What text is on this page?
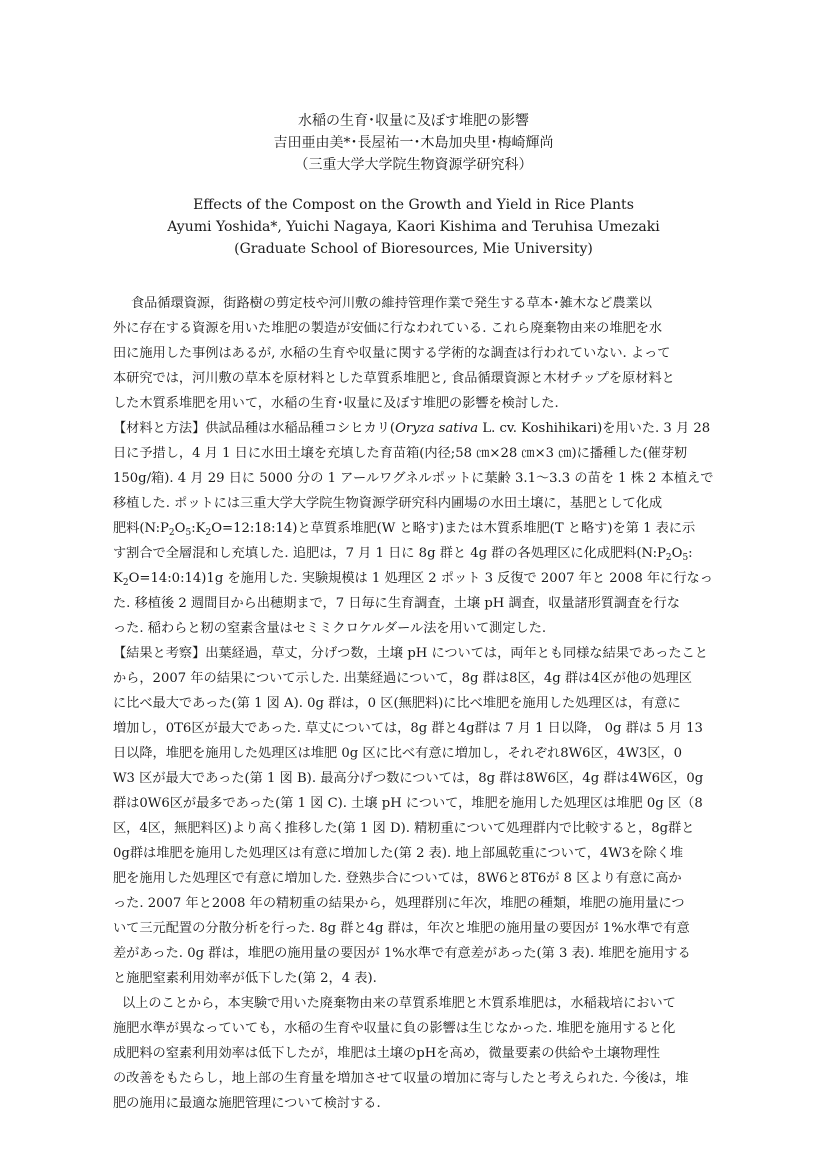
水稲の生育･収量に及ぼす堆肥の影響
吉田亜由美*･長屋祐一･木島加央里･梅崎輝尚
（三重大学大学院生物資源学研究科）
Effects of the Compost on the Growth and Yield in Rice Plants
Ayumi Yoshida*, Yuichi Nagaya, Kaori Kishima and Teruhisa Umezaki
(Graduate School of Bioresources, Mie University)
食品循環資源，街路樹の剪定枝や河川敷の維持管理作業で発生する草本･雑木など農業以
外に存在する資源を用いた堆肥の製造が安価に行なわれている. これら廃棄物由来の堆肥を水
田に施用した事例はあるが, 水稲の生育や収量に関する学術的な調査は行われていない. よって
本研究では，河川敷の草本を原材料とした草質系堆肥と, 食品循環資源と木材チップを原材料と
した木質系堆肥を用いて，水稲の生育･収量に及ぼす堆肥の影響を検討した.
【材料と方法】供試品種は水稲品種コシヒカリ(Oryza sativa L. cv. Koshihikari)を用いた. 3 月 28
日に予措し，4 月 1 日に水田土壌を充填した育苗箱(内径;58 ㎝×28 ㎝×3 ㎝)に播種した(催芽籾
150g/箱). 4 月 29 日に 5000 分の 1 アールワグネルポットに葉齢 3.1～3.3 の苗を 1 株 2 本植えで
移植した. ポットには三重大学大学院生物資源学研究科内圃場の水田土壌に，基肥として化成
肥料$(N:P_2O_5:K_2O=12:18:14)$と草質系堆肥(W と略す)または木質系堆肥(T と略す)を第 1 表に示
す割合で全層混和し充填した. 追肥は，7 月 1 日に 8g 群と 4g 群の各処理区に化成肥料($N:P_2O_5$:
$K_2O=14:0:14)1g$ を施用した. 実験規模は 1 処理区 2 ポット 3 反復で 2007 年と 2008 年に行なっ
た. 移植後 2 週間目から出穂期まで，7 日毎に生育調査，土壌 pH 調査，収量諸形質調査を行な
った. 稲わらと籾の窒素含量はセミミクロケルダール法を用いて測定した.
【結果と考察】出葉経過，草丈，分げつ数，土壌 pH については，両年とも同様な結果であったこと
から，2007 年の結果について示した. 出葉経過について，8g 群は8区，4g 群は4区が他の処理区
に比べ最大であった(第 1 図 A). 0g 群は，0 区(無肥料)に比べ堆肥を施用した処理区は，有意に
増加し，0T6区が最大であった. 草丈については，8g 群と4g群は 7 月 1 日以降， 0g 群は 5 月 13
日以降，堆肥を施用した処理区は堆肥 0g 区に比べ有意に増加し，それぞれ8W6区，4W3区，0
W3 区が最大であった(第 1 図 B). 最高分げつ数については，8g 群は8W6区，4g 群は4W6区，0g
群は0W6区が最多であった(第 1 図 C). 土壌 pH について，堆肥を施用した処理区は堆肥 0g 区（8
区，4区，無肥料区)より高く推移した(第 1 図 D). 精籾重について処理群内で比較すると，8g群と
0g群は堆肥を施用した処理区は有意に増加した(第 2 表). 地上部風乾重について，4W3を除く堆
肥を施用した処理区で有意に増加した. 登熟歩合については，8W6と8T6が 8 区より有意に高か
った. 2007 年と2008 年の精籾重の結果から，処理群別に年次，堆肥の種類，堆肥の施用量につ
いて三元配置の分散分析を行った. 8g 群と4g 群は，年次と堆肥の施用量の要因が 1%水準で有意
差があった. 0g 群は，堆肥の施用量の要因が 1%水準で有意差があった(第 3 表). 堆肥を施用する
と施肥窒素利用効率が低下した(第 2，4 表).
以上のことから，本実験で用いた廃棄物由来の草質系堆肥と木質系堆肥は，水稲栽培において
施肥水準が異なっていても，水稲の生育や収量に負の影響は生じなかった. 堆肥を施用すると化
成肥料の窒素利用効率は低下したが，堆肥は土壌のpHを高め，微量要素の供給や土壌物理性
の改善をもたらし，地上部の生育量を増加させて収量の増加に寄与したと考えられた. 今後は，堆
肥の施用に最適な施肥管理について検討する.
